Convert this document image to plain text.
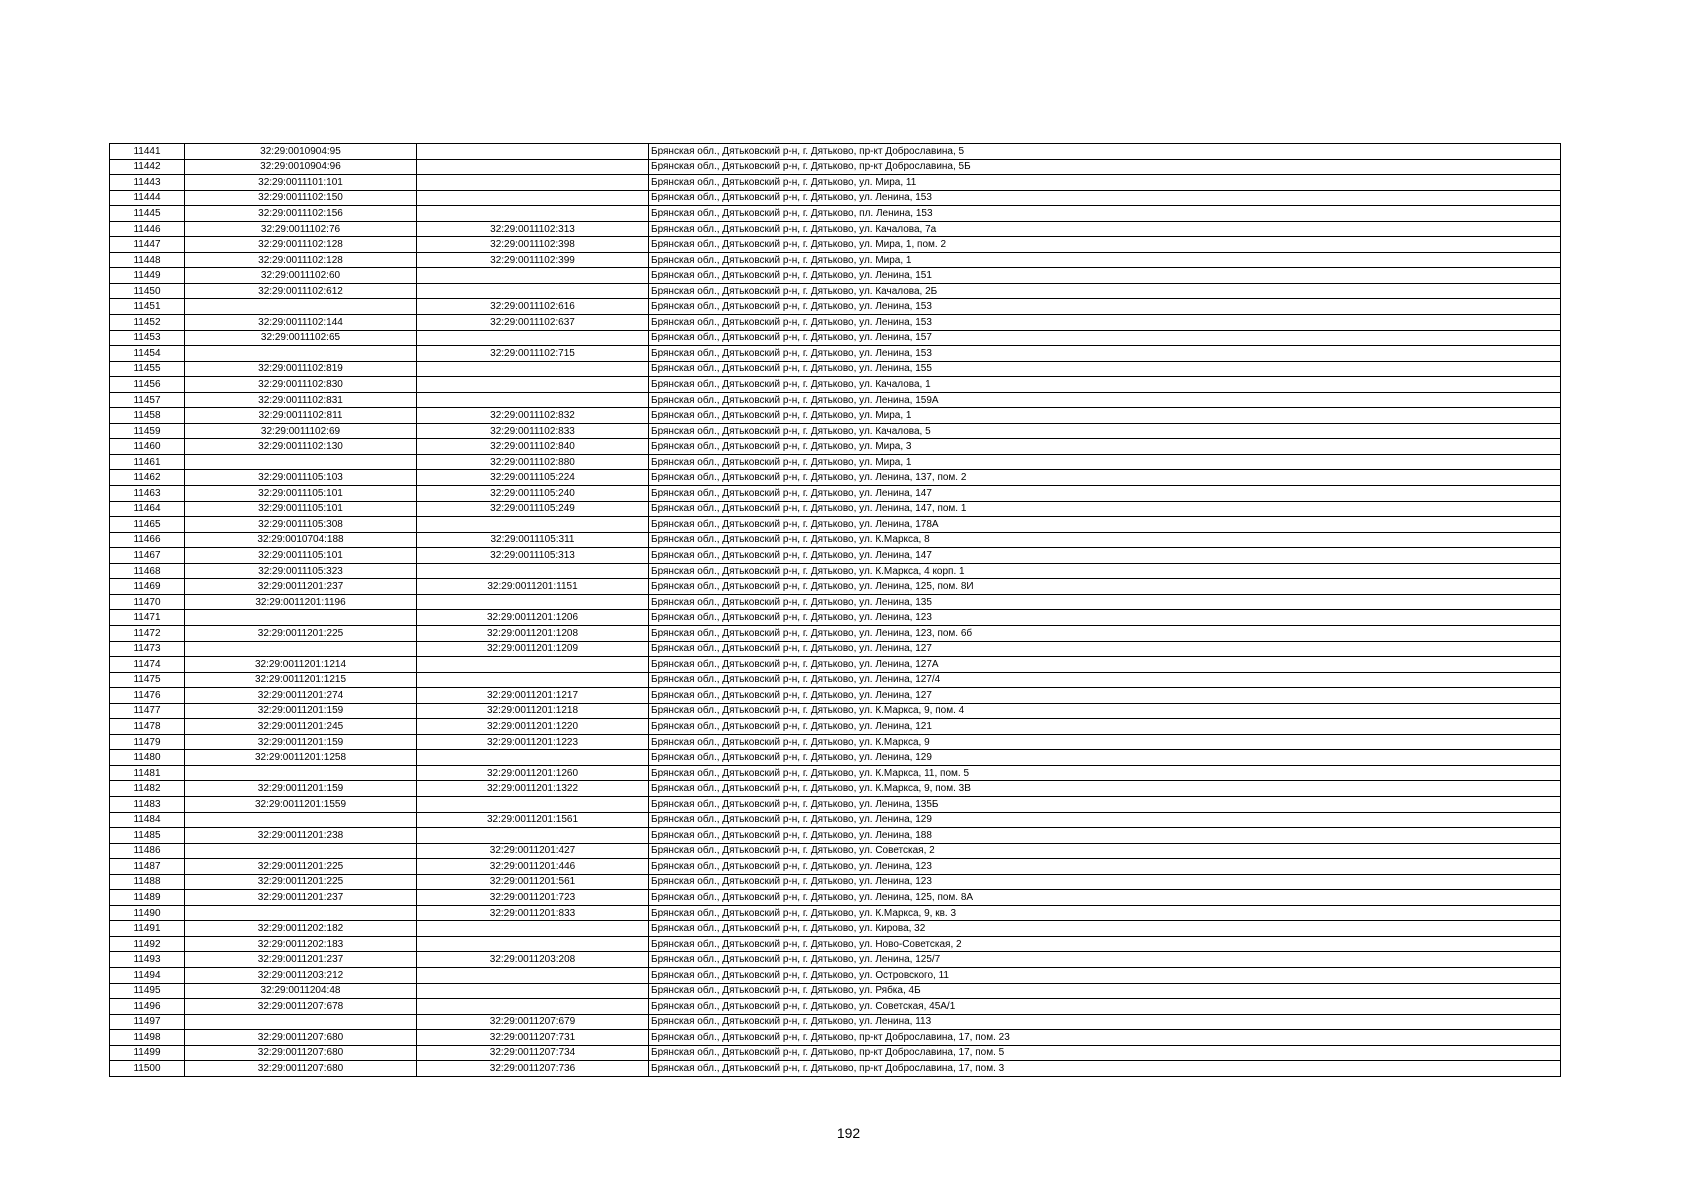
11441	32:29:0010904:95		Брянская обл., Дятьковский р-н, г. Дятьково, пр-кт Доброславина, 5
11442	32:29:0010904:96		Брянская обл., Дятьковский р-н, г. Дятьково, пр-кт Доброславина, 5Б
11443	32:29:0011101:101		Брянская обл., Дятьковский р-н, г. Дятьково, ул. Мира, 11
11444	32:29:0011102:150		Брянская обл., Дятьковский р-н, г. Дятьково, ул. Ленина, 153
11445	32:29:0011102:156		Брянская обл., Дятьковский р-н, г. Дятьково, пл. Ленина, 153
11446	32:29:0011102:76	32:29:0011102:313	Брянская обл., Дятьковский р-н, г. Дятьково, ул. Качалова, 7а
11447	32:29:0011102:128	32:29:0011102:398	Брянская обл., Дятьковский р-н, г. Дятьково, ул. Мира, 1, пом. 2
11448	32:29:0011102:128	32:29:0011102:399	Брянская обл., Дятьковский р-н, г. Дятьково, ул. Мира, 1
11449	32:29:0011102:60		Брянская обл., Дятьковский р-н, г. Дятьково, ул. Ленина, 151
11450	32:29:0011102:612		Брянская обл., Дятьковский р-н, г. Дятьково, ул. Качалова, 2Б
11451		32:29:0011102:616	Брянская обл., Дятьковский р-н, г. Дятьково, ул. Ленина, 153
11452	32:29:0011102:144	32:29:0011102:637	Брянская обл., Дятьковский р-н, г. Дятьково, ул. Ленина, 153
11453	32:29:0011102:65		Брянская обл., Дятьковский р-н, г. Дятьково, ул. Ленина, 157
11454		32:29:0011102:715	Брянская обл., Дятьковский р-н, г. Дятьково, ул. Ленина, 153
11455	32:29:0011102:819		Брянская обл., Дятьковский р-н, г. Дятьково, ул. Ленина, 155
11456	32:29:0011102:830		Брянская обл., Дятьковский р-н, г. Дятьково, ул. Качалова, 1
11457	32:29:0011102:831		Брянская обл., Дятьковский р-н, г. Дятьково, ул. Ленина, 159А
11458	32:29:0011102:811	32:29:0011102:832	Брянская обл., Дятьковский р-н, г. Дятьково, ул. Мира, 1
11459	32:29:0011102:69	32:29:0011102:833	Брянская обл., Дятьковский р-н, г. Дятьково, ул. Качалова, 5
11460	32:29:0011102:130	32:29:0011102:840	Брянская обл., Дятьковский р-н, г. Дятьково, ул. Мира, 3
11461		32:29:0011102:880	Брянская обл., Дятьковский р-н, г. Дятьково, ул. Мира, 1
11462	32:29:0011105:103	32:29:0011105:224	Брянская обл., Дятьковский р-н, г. Дятьково, ул. Ленина, 137, пом. 2
11463	32:29:0011105:101	32:29:0011105:240	Брянская обл., Дятьковский р-н, г. Дятьково, ул. Ленина, 147
11464	32:29:0011105:101	32:29:0011105:249	Брянская обл., Дятьковский р-н, г. Дятьково, ул. Ленина, 147, пом. 1
11465	32:29:0011105:308		Брянская обл., Дятьковский р-н, г. Дятьково, ул. Ленина, 178А
11466	32:29:0010704:188	32:29:0011105:311	Брянская обл., Дятьковский р-н, г. Дятьково, ул. К.Маркса, 8
11467	32:29:0011105:101	32:29:0011105:313	Брянская обл., Дятьковский р-н, г. Дятьково, ул. Ленина, 147
11468	32:29:0011105:323		Брянская обл., Дятьковский р-н, г. Дятьково, ул. К.Маркса, 4 корп. 1
11469	32:29:0011201:237	32:29:0011201:1151	Брянская обл., Дятьковский р-н, г. Дятьково, ул. Ленина, 125, пом. 8И
11470	32:29:0011201:1196		Брянская обл., Дятьковский р-н, г. Дятьково, ул. Ленина, 135
11471		32:29:0011201:1206	Брянская обл., Дятьковский р-н, г. Дятьково, ул. Ленина, 123
11472	32:29:0011201:225	32:29:0011201:1208	Брянская обл., Дятьковский р-н, г. Дятьково, ул. Ленина, 123, пом. 6б
11473		32:29:0011201:1209	Брянская обл., Дятьковский р-н, г. Дятьково, ул. Ленина, 127
11474	32:29:0011201:1214		Брянская обл., Дятьковский р-н, г. Дятьково, ул. Ленина, 127А
11475	32:29:0011201:1215		Брянская обл., Дятьковский р-н, г. Дятьково, ул. Ленина, 127/4
11476	32:29:0011201:274	32:29:0011201:1217	Брянская обл., Дятьковский р-н, г. Дятьково, ул. Ленина, 127
11477	32:29:0011201:159	32:29:0011201:1218	Брянская обл., Дятьковский р-н, г. Дятьково, ул. К.Маркса, 9, пом. 4
11478	32:29:0011201:245	32:29:0011201:1220	Брянская обл., Дятьковский р-н, г. Дятьково, ул. Ленина, 121
11479	32:29:0011201:159	32:29:0011201:1223	Брянская обл., Дятьковский р-н, г. Дятьково, ул. К.Маркса, 9
11480	32:29:0011201:1258		Брянская обл., Дятьковский р-н, г. Дятьково, ул. Ленина, 129
11481		32:29:0011201:1260	Брянская обл., Дятьковский р-н, г. Дятьково, ул. К.Маркса, 11, пом. 5
11482	32:29:0011201:159	32:29:0011201:1322	Брянская обл., Дятьковский р-н, г. Дятьково, ул. К.Маркса, 9, пом. 3В
11483	32:29:0011201:1559		Брянская обл., Дятьковский р-н, г. Дятьково, ул. Ленина, 135Б
11484		32:29:0011201:1561	Брянская обл., Дятьковский р-н, г. Дятьково, ул. Ленина, 129
11485	32:29:0011201:238		Брянская обл., Дятьковский р-н, г. Дятьково, ул. Ленина, 188
11486		32:29:0011201:427	Брянская обл., Дятьковский р-н, г. Дятьково, ул. Советская, 2
11487	32:29:0011201:225	32:29:0011201:446	Брянская обл., Дятьковский р-н, г. Дятьково, ул. Ленина, 123
11488	32:29:0011201:225	32:29:0011201:561	Брянская обл., Дятьковский р-н, г. Дятьково, ул. Ленина, 123
11489	32:29:0011201:237	32:29:0011201:723	Брянская обл., Дятьковский р-н, г. Дятьково, ул. Ленина, 125, пом. 8А
11490		32:29:0011201:833	Брянская обл., Дятьковский р-н, г. Дятьково, ул. К.Маркса, 9, кв. 3
11491	32:29:0011202:182		Брянская обл., Дятьковский р-н, г. Дятьково, ул. Кирова, 32
11492	32:29:0011202:183		Брянская обл., Дятьковский р-н, г. Дятьково, ул. Ново-Советская, 2
11493	32:29:0011201:237	32:29:0011203:208	Брянская обл., Дятьковский р-н, г. Дятьково, ул. Ленина, 125/7
11494	32:29:0011203:212		Брянская обл., Дятьковский р-н, г. Дятьково, ул. Островского, 11
11495	32:29:0011204:48		Брянская обл., Дятьковский р-н, г. Дятьково, ул. Рябка, 4Б
11496	32:29:0011207:678		Брянская обл., Дятьковский р-н, г. Дятьково, ул. Советская, 45А/1
11497		32:29:0011207:679	Брянская обл., Дятьковский р-н, г. Дятьково, ул. Ленина, 113
11498	32:29:0011207:680	32:29:0011207:731	Брянская обл., Дятьковский р-н, г. Дятьково, пр-кт Доброславина, 17, пом. 23
11499	32:29:0011207:680	32:29:0011207:734	Брянская обл., Дятьковский р-н, г. Дятьково, пр-кт Доброславина, 17, пом. 5
11500	32:29:0011207:680	32:29:0011207:736	Брянская обл., Дятьковский р-н, г. Дятьково, пр-кт Доброславина, 17, пом. 3
192
